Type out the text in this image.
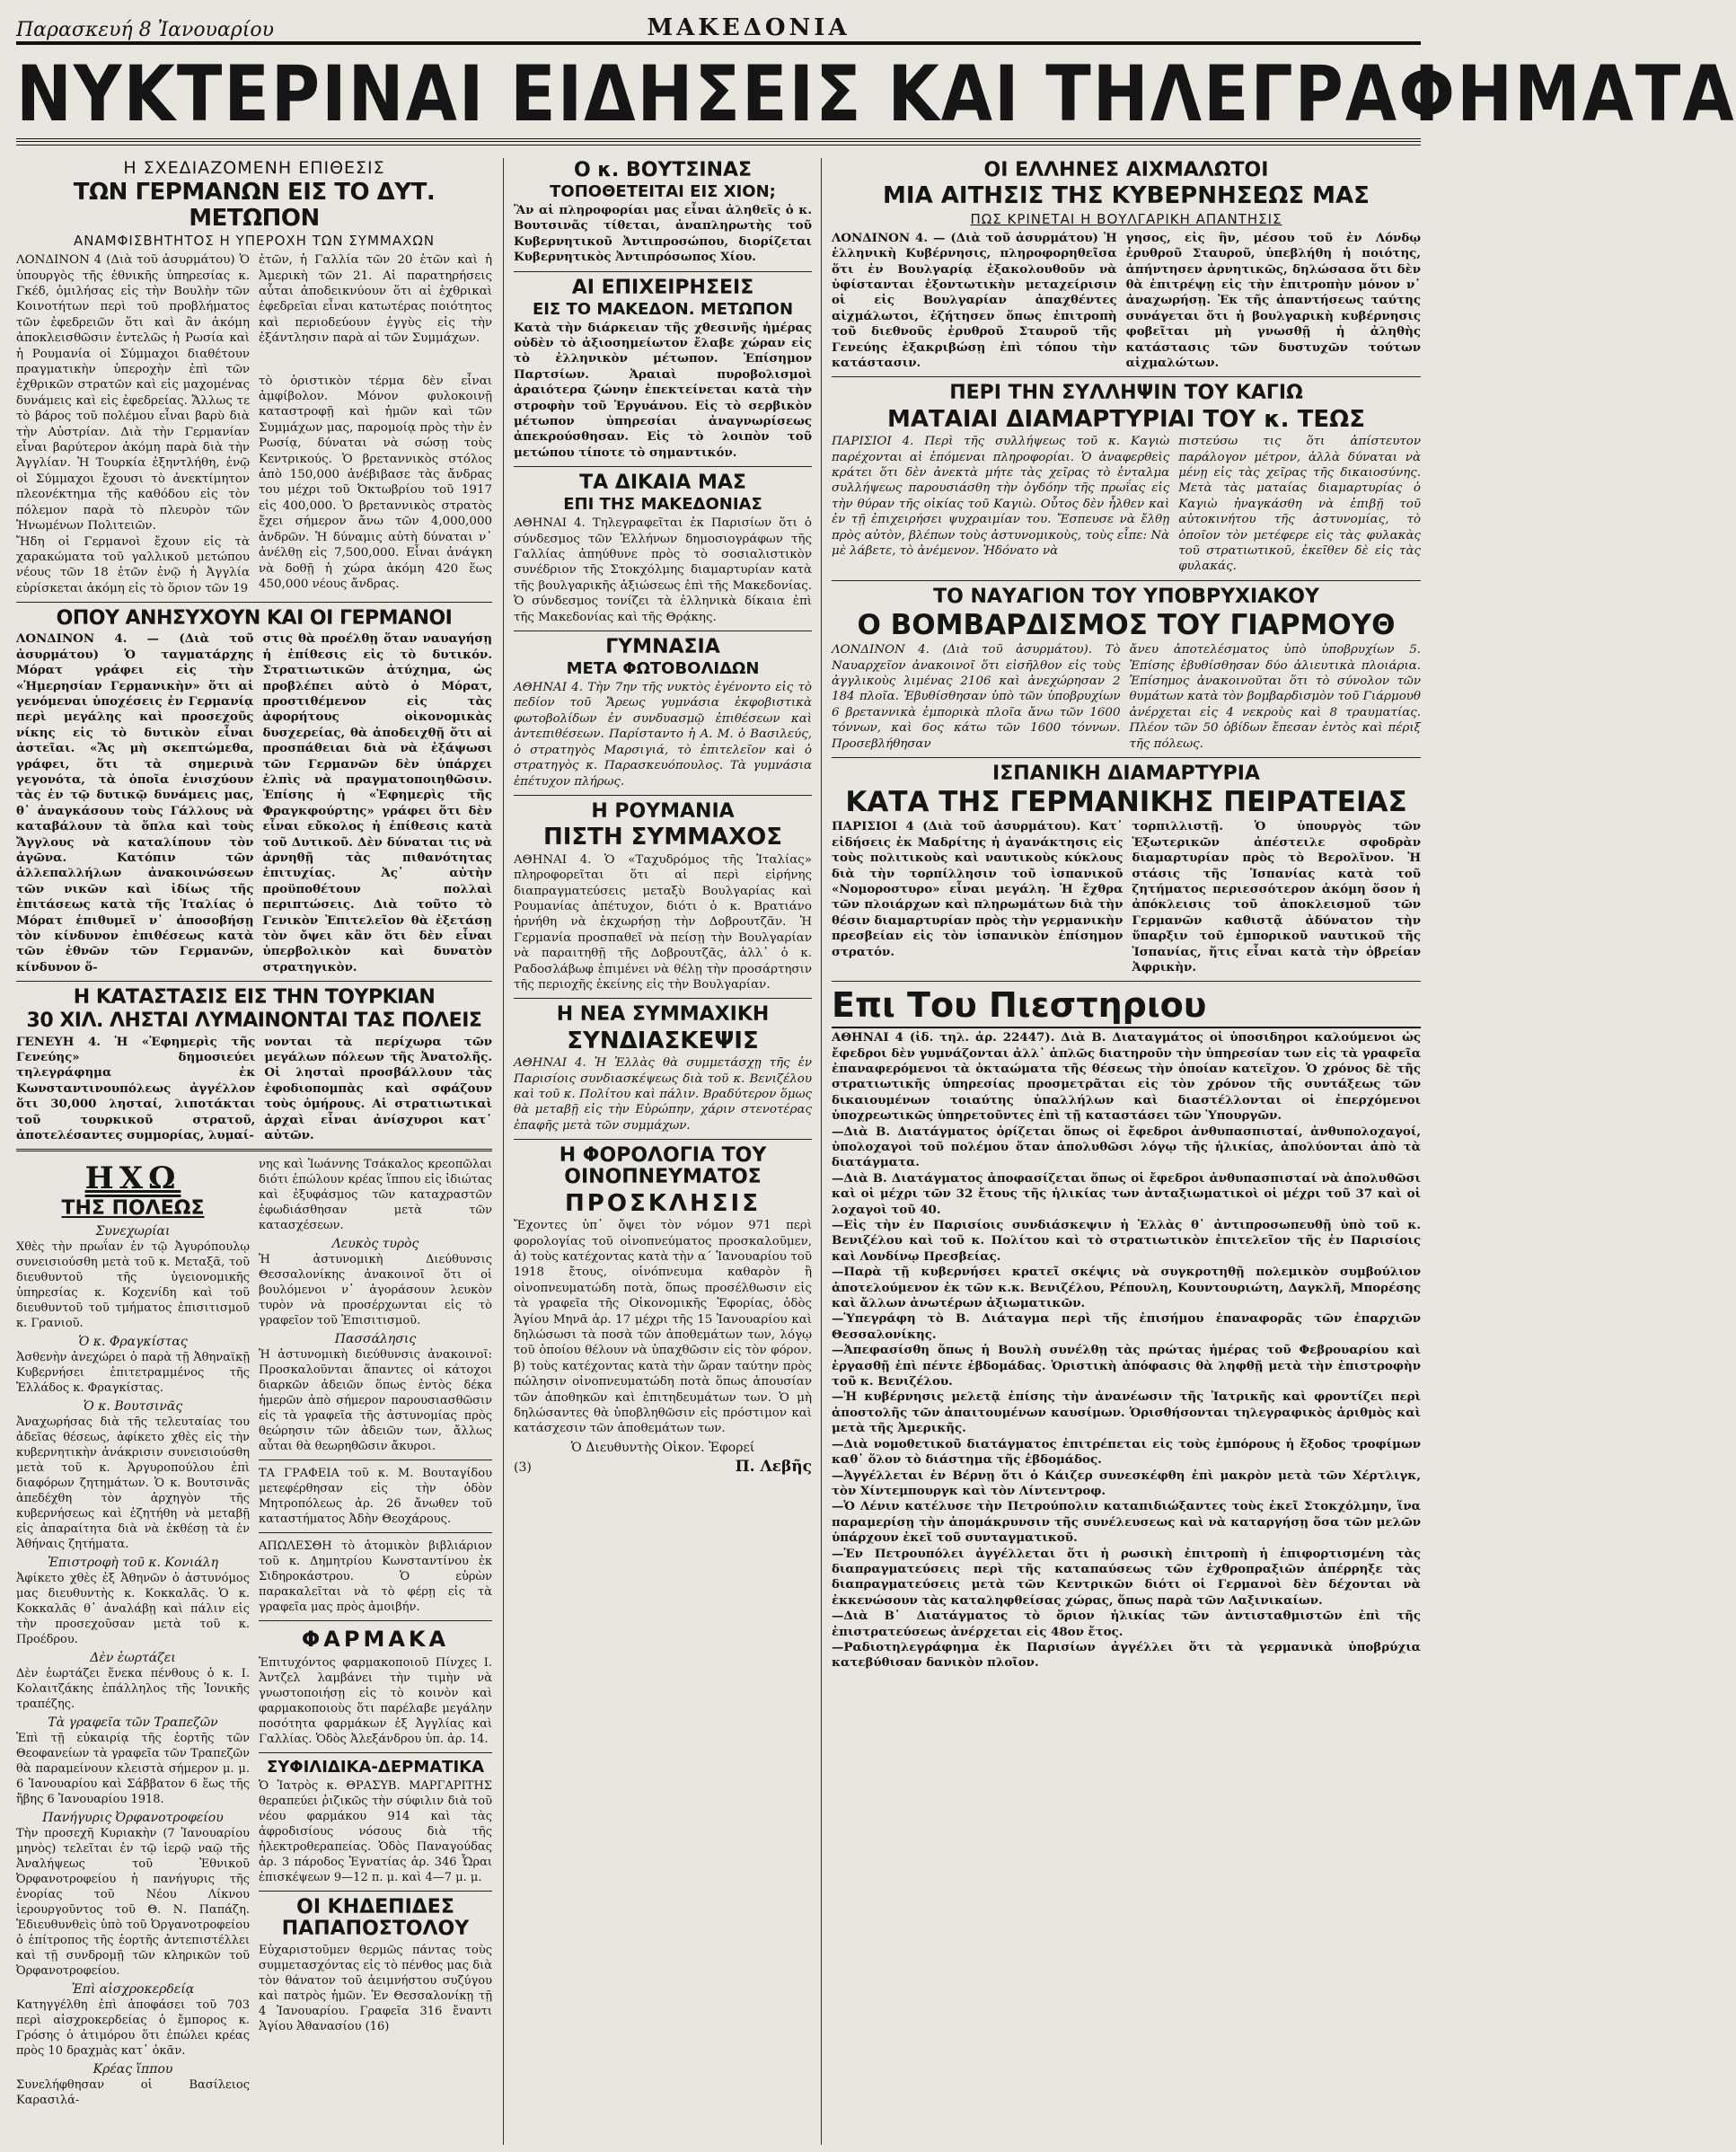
Παρασκευή 8 Ἰανουαρίου	ΜΑΚΕΔΟΝΙΑ
ΝΥΚΤΕΡΙΝΑΙ ΕΙΔΗΣΕΙΣ ΚΑΙ ΤΗΛΕΓΡΑΦΗΜΑΤΑ
Η ΣΧΕΔΙΑΖΟΜΕΝΗ ΕΠΙΘΕΣΙΣ
ΤΩΝ ΓΕΡΜΑΝΩΝ ΕΙΣ ΤΟ ΔΥΤ. ΜΕΤΩΠΟΝ
ΑΝΑΜΦΙΣΒΗΤΗΤΟΣ Η ΥΠΕΡΟΧΗ ΤΩΝ ΣΥΜΜΑΧΩΝ

ΛΟΝΔΙΝΟΝ 4 (Διὰ τοῦ ἀσυρμάτου) Ὁ ὑπουργὸς τῆς ἐθνικῆς ὑπηρεσίας κ. Γκέδ, ὁμιλήσας εἰς τὴν Βουλὴν τῶν Κοινοτήτων περὶ τοῦ προβλήματος τῶν ἐφεδρειῶν ὅτι καὶ ἂν ἀκόμη ἀποκλεισθῶσιν ἐντελῶς ἡ Ρωσία καὶ ἡ Ρουμανία οἱ Σύμμαχοι διαθέτουν πραγματικὴν ὑπεροχὴν ἐπὶ τῶν ἐχθρικῶν στρατῶν καὶ εἰς μαχομένας δυνάμεις καὶ εἰς ἐφεδρείας. Ἄλλως τε τὸ βάρος τοῦ πολέμου εἶναι βαρὺ διὰ τὴν Αὐστρίαν. Διὰ τὴν Γερμανίαν εἶναι βαρύτερον ἀκόμη παρὰ διὰ τὴν Ἀγγλίαν. Ἡ Τουρκία ἐξηντλήθη, ἐνῷ οἱ Σύμμαχοι ἔχουσι τὸ ἀνεκτίμητον πλεονέκτημα τῆς καθόδου εἰς τὸν πόλεμον παρὰ τὸ πλευρὸν τῶν Ἡνωμένων Πολιτειῶν.

Ἤδη οἱ Γερμανοὶ ἔχουν εἰς τὰ χαρακώματα τοῦ γαλλικοῦ μετώπου νέους τῶν 18 ἐτῶν ἐνῷ ἡ Ἀγγλία εὑρίσκεται ἀκόμη εἰς τὸ ὅριον τῶν 19

ἐτῶν, ἡ Γαλλία τῶν 20 ἐτῶν καὶ ἡ Ἀμερικὴ τῶν 21. Αἱ παρατηρήσεις αὗται ἀποδεικνύουν ὅτι αἱ ἐχθρικαὶ ἐφεδρεῖαι εἶναι κατωτέρας ποιότητος καὶ περιοδεύουν ἐγγὺς εἰς τὴν ἐξάντλησιν παρὰ αἱ τῶν Συμμάχων.

τὸ ὁριστικὸν τέρμα δὲν εἶναι ἀμφίβολον. Μόνον φυλοκοινῇ καταστροφῇ καὶ ἡμῶν καὶ τῶν Συμμάχων μας, παρομοίᾳ πρὸς τὴν ἐν Ρωσίᾳ, δύναται νὰ σώσῃ τοὺς Κεντρικούς. Ὁ βρεταννικὸς στόλος ἀπὸ 150,000 ἀνέβιβασε τὰς ἄνδρας του μέχρι τοῦ Ὀκτωβρίου τοῦ 1917 εἰς 400,000. Ὁ βρεταννικὸς στρατὸς ἔχει σήμερον ἄνω τῶν 4,000,000 ἀνδρῶν. Ἡ δύναμις αὐτὴ δύναται ν᾿ ἀνέλθῃ εἰς 7,500,000. Εἶναι ἀνάγκη νὰ δοθῇ ἡ χώρα ἀκόμη 420 ἕως 450,000 νέους ἄνδρας.

ΟΠΟΥ ΑΝΗΣΥΧΟΥΝ ΚΑΙ ΟΙ ΓΕΡΜΑΝΟΙ

ΛΟΝΔΙΝΟΝ 4. — (Διὰ τοῦ ἀσυρμάτου) Ὁ ταγματάρχης Μόρατ γράφει εἰς τὴν «Ἡμερησίαν Γερμανικὴν» ὅτι αἱ γενόμεναι ὑποχέσεις ἐν Γερμανίᾳ περὶ μεγάλης καὶ προσεχοῦς νίκης εἰς τὸ δυτικὸν εἶναι ἀστεῖαι. «Ἄς μὴ σκεπτώμεθα, γράφει, ὅτι τὰ σημερινὰ γεγονότα, τὰ ὁποῖα ἐνισχύουν τὰς ἐν τῷ δυτικῷ δυνάμεις μας, θ᾿ ἀναγκάσουν τοὺς Γάλλους νὰ καταβάλουν τὰ ὅπλα καὶ τοὺς Ἄγγλους νὰ καταλίπουν τὸν ἀγῶνα. Κατόπιν τῶν ἀλλεπαλλήλων ἀνακοινώσεων τῶν νικῶν καὶ ἰδίως τῆς ἐπιτάσεως κατὰ τῆς Ἰταλίας ὁ Μόρατ ἐπιθυμεῖ ν᾿ ἀποσοβήσῃ τὸν κίνδυνον ἐπιθέσεως κατὰ τῶν ἐθνῶν τῶν Γερμανῶν, κίνδυνον ὅ-

στις θὰ προέλθῃ ὅταν ναυαγήσῃ ἡ ἐπίθεσις εἰς τὸ δυτικόν. Στρατιωτικῶν ἀτύχημα, ὡς προβλέπει αὐτὸ ὁ Μόρατ, προστιθέμενον εἰς τὰς ἀφορήτους οἰκονομικὰς δυσχερείας, θὰ ἀποδειχθῇ ὅτι αἱ προσπάθειαι διὰ νὰ ἐξάψωσι τῶν Γερμανῶν δὲν ὑπάρχει ἐλπὶς νὰ πραγματοποιηθῶσιν. Ἐπίσης ἡ «Ἐφημερὶς τῆς Φραγκφούρτης» γράφει ὅτι δὲν εἶναι εὔκολος ἡ ἐπίθεσις κατὰ τοῦ Δυτικοῦ. Δὲν δύναται τις νὰ ἀρνηθῇ τὰς πιθανότητας ἐπιτυχίας. Ἀς᾿ αὐτὴν προϋποθέτουν πολλαὶ περιπτώσεις. Διὰ τοῦτο τὸ Γενικὸν Ἐπιτελεῖον θὰ ἐξετάσῃ τὸν ὄψει κἂν ὅτι δὲν εἶναι ὑπερβολικὸν καὶ δυνατὸν στρατηγικὸν.

Η ΚΑΤΑΣΤΑΣΙΣ ΕΙΣ ΤΗΝ ΤΟΥΡΚΙΑΝ
30 ΧΙΛ. ΛΗΣΤΑΙ ΛΥΜΑΙΝΟΝΤΑΙ ΤΑΣ ΠΟΛΕΙΣ

ΓΕΝΕΥΗ 4. Ἡ «Ἐφημερὶς τῆς Γενεύης» δημοσιεύει τηλεγράφημα ἐκ Κωνσταντινουπόλεως ἀγγέλλον ὅτι 30,000 λησταί, λιποτάκται τοῦ τουρκικοῦ στρατοῦ, ἀποτελέσαντες συμμορίας, λυμαί-

νονται τὰ περίχωρα τῶν μεγάλων πόλεων τῆς Ἀνατολῆς. Οἱ λησταὶ προσβάλλουν τὰς ἐφοδιοπομπὰς καὶ σφάζουν τοὺς ὁμήρους. Αἱ στρατιωτικαὶ ἀρχαὶ εἶναι ἀνίσχυροι κατ᾿ αὐτῶν.

ΗΧΩ
ΤΗΣ ΠΟΛΕΩΣ
Συνεχωρίαι

Χθὲς τὴν πρωΐαν ἐν τῷ Ἀγυρόπουλῳ συνεισιούσθη μετὰ τοῦ κ. Μεταξᾶ, τοῦ διευθυντοῦ τῆς ὑγειονομικῆς ὑπηρεσίας κ. Κοχενίδη καὶ τοῦ διευθυντοῦ τοῦ τμήματος ἐπισιτισμοῦ κ. Γρανιοῦ.

Ὁ κ. Φραγκίστας

Ἀσθενὴν ἀνεχώρει ὁ παρὰ τῇ Ἀθηναϊκῇ Κυβερνήσει ἐπιτετραμμένος τῆς Ἑλλάδος κ. Φραγκίστας.

Ὁ κ. Βουτσινᾶς

Ἀναχωρήσας διὰ τῆς τελευταίας του ἀδεῖας θέσεως, ἀφίκετο χθὲς εἰς τὴν κυβερνητικὴν ἀνάκρισιν συνεισιούσθη μετὰ τοῦ κ. Ἀργυροπούλου ἐπὶ διαφόρων ζητημάτων. Ὁ κ. Βουτσινᾶς ἀπεδέχθη τὸν ἀρχηγὸν τῆς κυβερνήσεως καὶ ἐζητήθη νὰ μεταβῇ εἰς ἀπαραίτητα διὰ νὰ ἐκθέσῃ τὰ ἐν Ἀθήναις ζητήματα.

Ἐπιστροφὴ τοῦ κ. Κονιάλη

Ἀφίκετο χθὲς ἐξ Ἀθηνῶν ὁ ἀστυνόμος μας διευθυντὴς κ. Κοκκαλᾶς. Ὁ κ. Κοκκαλᾶς θ᾿ ἀναλάβῃ καὶ πάλιν εἰς τὴν προσεχοῦσαν μετὰ τοῦ κ. Προέδρου.

Δὲν ἑωρτάζει

Δὲν ἑωρτάζει ἕνεκα πένθους ὁ κ. Ι. Κολαιτζάκης ἐπάλληλος τῆς Ἰονικῆς τραπέζης.

Τὰ γραφεῖα τῶν Τραπεζῶν

Ἐπὶ τῇ εὐκαιρίᾳ τῆς ἑορτῆς τῶν Θεοφανείων τὰ γραφεῖα τῶν Τραπεζῶν θὰ παραμείνουν κλειστὰ σήμερον μ. μ. 6 Ἰανουαρίου καὶ Σάββατον 6 ἕως τῆς ἥβης 6 Ἰανουαρίου 1918.

Πανήγυρις Ὀρφανοτροφείου

Τὴν προσεχῆ Κυριακὴν (7 Ἰανουαρίου μηνὸς) τελεῖται ἐν τῷ ἱερῷ ναῷ τῆς Ἀναλήψεως τοῦ Ἐθνικοῦ Ὀρφανοτροφείου ἡ πανήγυρις τῆς ἐνορίας τοῦ Νέου Λίκνου ἱερουργοῦντος τοῦ Θ. Ν. Παπάζη. Ἐδιευθυνθεὶς ὑπὸ τοῦ Ὀργανοτροφείου ὁ ἐπίτροπος τῆς ἑορτῆς ἀντεπιστέλλει καὶ τῇ συνδρομῇ τῶν κληρικῶν τοῦ Ὀρφανοτροφείου.

Ἐπὶ αἰσχροκερδείᾳ

Κατηγγέλθη ἐπὶ ἀποφάσει τοῦ 703 περὶ αἰσχροκερδείας ὁ ἔμπορος κ. Γρόσης ὁ ἀτιμόρου ὅτι ἐπώλει κρέας πρὸς 10 δραχμὰς κατ᾿ ὀκᾶν.

Κρέας ἵππου

Συνελήφθησαν οἱ Βασίλειος Καρασιλά-

νης καὶ Ἰωάννης Τσάκαλος κρεοπῶλαι διότι ἐπώλουν κρέας ἵππου εἰς ἰδιώτας καὶ ἐξυφάσμος τῶν καταχραστῶν ἐφωδιάσθησαν μετὰ τῶν κατασχέσεων.

Λευκὸς τυρὸς

Ἡ ἀστυνομικὴ Διεύθυνσις Θεσσαλονίκης ἀνακοινοῖ ὅτι οἱ βουλόμενοι ν᾿ ἀγοράσουν λευκὸν τυρὸν νὰ προσέρχωνται εἰς τὸ γραφεῖον τοῦ Ἐπισιτισμοῦ.

Πασσάλησις

Ἡ ἀστυνομικὴ διεύθυνσις ἀνακοινοῖ: Προσκαλοῦνται ἅπαντες οἱ κάτοχοι διαρκῶν ἀδειῶν ὅπως ἐντὸς δέκα ἡμερῶν ἀπὸ σήμερον παρουσιασθῶσιν εἰς τὰ γραφεῖα τῆς ἀστυνομίας πρὸς θεώρησιν τῶν ἀδειῶν των, ἄλλως αὗται θὰ θεωρηθῶσιν ἄκυροι.

ΤΑ ΓΡΑΦΕΙΑ τοῦ κ. Μ. Βουταγίδου μετεφέρθησαν εἰς τὴν ὁδὸν Μητροπόλεως ἀρ. 26 ἄνωθεν τοῦ καταστήματος Ἀδὴν Θεοχάρους.

ΑΠΩΛΕΣΘΗ τὸ ἀτομικὸν βιβλιάριον τοῦ κ. Δημητρίου Κωνσταντίνου ἐκ Σιδηροκάστρου. Ὁ εὑρὼν παρακαλεῖται νὰ τὸ φέρῃ εἰς τὰ γραφεῖα μας πρὸς ἀμοιβήν.

ΦΑΡΜΑΚΑ

Ἐπιτυχόντος φαρμακοποιοῦ Πίνχες Ι. Ἀντζελ λαμβάνει τὴν τιμὴν νὰ γνωστοποιήσῃ εἰς τὸ κοινὸν καὶ φαρμακοποιοὺς ὅτι παρέλαβε μεγάλην ποσότητα φαρμάκων ἐξ Ἀγγλίας καὶ Γαλλίας. Ὁδὸς Ἀλεξάνδρου ὑπ. ἀρ. 14.

ΣΥΦΙΛΙΔΙΚΑ-ΔΕΡΜΑΤΙΚΑ

Ὁ Ἰατρὸς κ. ΘΡΑΣΥΒ. ΜΑΡΓΑΡΙΤΗΣ θεραπεύει ῥιζικῶς τὴν σύφιλιν διὰ τοῦ νέου φαρμάκου 914 καὶ τὰς ἀφροδισίους νόσους διὰ τῆς ἠλεκτροθεραπείας. Ὁδὸς Παναγούδας ἀρ. 3 πάροδος Ἐγνατίας ἀρ. 346 Ὧραι ἐπισκέψεων 9—12 π. μ. καὶ 4—7 μ. μ.

ΟΙ ΚΗΔΕΠΙΔΕΣ ΠΑΠΑΠΟΣΤΟΛΟΥ

Εὐχαριστοῦμεν θερμῶς πάντας τοὺς συμμετασχόντας εἰς τὸ πένθος μας διὰ τὸν θάνατον τοῦ ἀειμνήστου συζύγου καὶ πατρὸς ἡμῶν. Ἐν Θεσσαλονίκῃ τῇ 4 Ἰανουαρίου. Γραφεῖα 316 ἔναντι Ἁγίου Ἀθανασίου (16)

Ο κ. ΒΟΥΤΣΙΝΑΣ
ΤΟΠΟΘΕΤΕΙΤΑΙ ΕΙΣ ΧΙΟΝ;

Ἂν αἱ πληροφορίαι μας εἶναι ἀληθεῖς ὁ κ. Βουτσινᾶς τίθεται, ἀναπληρωτὴς τοῦ Κυβερνητικοῦ Ἀντιπροσώπου, διορίζεται Κυβερνητικὸς Ἀντιπρόσωπος Χίου.

ΑΙ ΕΠΙΧΕΙΡΗΣΕΙΣ
ΕΙΣ ΤΟ ΜΑΚΕΔΟΝ. ΜΕΤΩΠΟΝ

Κατὰ τὴν διάρκειαν τῆς χθεσινῆς ἡμέρας οὐδὲν τὸ ἀξιοσημείωτον ἔλαβε χώραν εἰς τὸ ἑλληνικὸν μέτωπον. Ἐπίσημον Παρτσίων. Ἀραιαὶ πυροβολισμοὶ ἀραιότερα ζώνην ἐπεκτείνεται κατὰ τὴν στροφὴν τοῦ Ἐργυάνου. Εἰς τὸ σερβικὸν μέτωπον ὑπηρεσίαι ἀναγνωρίσεως ἀπεκρούσθησαν. Εἰς τὸ λοιπὸν τοῦ μετώπου τίποτε τὸ σημαντικόν.

ΤΑ ΔΙΚΑΙΑ ΜΑΣ
ΕΠΙ ΤΗΣ ΜΑΚΕΔΟΝΙΑΣ

ΑΘΗΝΑΙ 4. Τηλεγραφεῖται ἐκ Παρισίων ὅτι ὁ σύνδεσμος τῶν Ἑλλήνων δημοσιογράφων τῆς Γαλλίας ἀπηύθυνε πρὸς τὸ σοσιαλιστικὸν συνέδριον τῆς Στοκχόλμης διαμαρτυρίαν κατὰ τῆς βουλγαρικῆς ἀξιώσεως ἐπὶ τῆς Μακεδονίας. Ὁ σύνδεσμος τονίζει τὰ ἑλληνικὰ δίκαια ἐπὶ τῆς Μακεδονίας καὶ τῆς Θρᾴκης.

ΓΥΜΝΑΣΙΑ
ΜΕΤΑ ΦΩΤΟΒΟΛΙΔΩΝ

ΑΘΗΝΑΙ 4. Τὴν 7ην τῆς νυκτὸς ἐγένοντο εἰς τὸ πεδίον τοῦ Ἄρεως γυμνάσια ἐκφοβιστικὰ φωτοβολίδων ἐν συνδυασμῷ ἐπιθέσεων καὶ ἀντεπιθέσεων. Παρίσταντο ἡ Α. Μ. ὁ Βασιλεύς, ὁ στρατηγὸς Μαρσιγιά, τὸ ἐπιτελεῖον καὶ ὁ στρατηγὸς κ. Παρασκευόπουλος. Τὰ γυμνάσια ἐπέτυχον πλήρως.

Η ΡΟΥΜΑΝΙΑ
ΠΙΣΤΗ ΣΥΜΜΑΧΟΣ

ΑΘΗΝΑΙ 4. Ὁ «Ταχυδρόμος τῆς Ἰταλίας» πληροφορεῖται ὅτι αἱ περὶ εἰρήνης διαπραγματεύσεις μεταξὺ Βουλγαρίας καὶ Ρουμανίας ἀπέτυχον, διότι ὁ κ. Βρατιάνο ἠρνήθη νὰ ἐκχωρήσῃ τὴν Δοβρουτζᾶν. Ἡ Γερμανία προσπαθεῖ νὰ πείσῃ τὴν Βουλγαρίαν νὰ παραιτηθῇ τῆς Δοβρουτζᾶς, ἀλλ᾿ ὁ κ. Ραδοσλάβωφ ἐπιμένει νὰ θέλῃ τὴν προσάρτησιν τῆς περιοχῆς ἐκείνης εἰς τὴν Βουλγαρίαν.

Η ΝΕΑ ΣΥΜΜΑΧΙΚΗ
ΣΥΝΔΙΑΣΚΕΨΙΣ

ΑΘΗΝΑΙ 4. Ἡ Ἑλλὰς θὰ συμμετάσχῃ τῆς ἐν Παρισίοις συνδιασκέψεως διὰ τοῦ κ. Βενιζέλου καὶ τοῦ κ. Πολίτου καὶ πάλιν. Βραδύτερον ὅμως θὰ μεταβῇ εἰς τὴν Εὐρώπην, χάριν στενοτέρας ἐπαφῆς μετὰ τῶν συμμάχων.

Η ΦΟΡΟΛΟΓΙΑ ΤΟΥ ΟΙΝΟΠΝΕΥΜΑΤΟΣ
ΠΡΟΣΚΛΗΣΙΣ

Ἔχοντες ὑπ᾿ ὄψει τὸν νόμον 971 περὶ φορολογίας τοῦ οἰνοπνεύματος προσκαλοῦμεν, ἀ) τοὺς κατέχοντας κατὰ τὴν α´ Ἰανουαρίου τοῦ 1918 ἔτους, οἰνόπνευμα καθαρὸν ἢ οἰνοπνευματώδη ποτὰ, ὅπως προσέλθωσιν εἰς τὰ γραφεῖα τῆς Οἰκονομικῆς Ἐφορίας, ὁδὸς Ἁγίου Μηνᾶ ἀρ. 17 μέχρι τῆς 15 Ἰανουαρίου καὶ δηλώσωσι τὰ ποσὰ τῶν ἀποθεμάτων των, λόγῳ τοῦ ὁποίου θέλουν νὰ ὑπαχθῶσιν εἰς τὸν φόρον. β) τοὺς κατέχοντας κατὰ τὴν ὥραν ταύτην πρὸς πώλησιν οἰνοπνευματώδη ποτὰ ὅπως ἀπουσίαν τῶν ἀποθηκῶν καὶ ἐπιτηδευμάτων των. Ὁ μὴ δηλώσαντες θὰ ὑποβληθῶσιν εἰς πρόστιμον καὶ κατάσχεσιν τῶν ἀποθεμάτων των.

Ὁ Διευθυντὴς Οἰκον. Ἐφορεί
(3)	Π. Λεβῆς
ΟΙ ΕΛΛΗΝΕΣ ΑΙΧΜΑΛΩΤΟΙ
ΜΙΑ ΑΙΤΗΣΙΣ ΤΗΣ ΚΥΒΕΡΝΗΣΕΩΣ ΜΑΣ
ΠΩΣ ΚΡΙΝΕΤΑΙ Η ΒΟΥΛΓΑΡΙΚΗ ΑΠΑΝΤΗΣΙΣ

ΛΟΝΔΙΝΟΝ 4. — (Διὰ τοῦ ἀσυρμάτου) Ἡ ἑλληνικὴ Κυβέρνησις, πληροφορηθεῖσα ὅτι ἐν Βουλγαρίᾳ ἐξακολουθοῦν νὰ ὑφίστανται ἐξοντωτικὴν μεταχείρισιν οἱ εἰς Βουλγαρίαν ἀπαχθέντες αἰχμάλωτοι, ἐζήτησεν ὅπως ἐπιτροπὴ τοῦ διεθνοῦς ἐρυθροῦ Σταυροῦ τῆς Γενεύης ἐξακριβώσῃ ἐπὶ τόπου τὴν κατάστασιν.

γησος, εἰς ἣν, μέσου τοῦ ἐν Λόνδῳ ἐρυθροῦ Σταυροῦ, ὑπεβλήθη ἡ ποιότης, ἀπήντησεν ἀρνητικῶς, δηλώσασα ὅτι δὲν θὰ ἐπιτρέψῃ εἰς τὴν ἐπιτροπὴν μόνον ν᾿ ἀναχωρήσῃ. Ἐκ τῆς ἀπαντήσεως ταύτης συνάγεται ὅτι ἡ βουλγαρικὴ κυβέρνησις φοβεῖται μὴ γνωσθῇ ἡ ἀληθὴς κατάστασις τῶν δυστυχῶν τούτων αἰχμαλώτων.

ΠΕΡΙ ΤΗΝ ΣΥΛΛΗΨΙΝ ΤΟΥ ΚΑΓΙΩ
ΜΑΤΑΙΑΙ ΔΙΑΜΑΡΤΥΡΙΑΙ ΤΟΥ κ. ΤΕΩΣ

ΠΑΡΙΣΙΟΙ 4. Περὶ τῆς συλλήψεως τοῦ κ. Καγιὼ παρέχονται αἱ ἑπόμεναι πληροφορίαι. Ὁ ἀναφερθεὶς κράτει ὅτι δὲν ἀνεκτὰ μήτε τὰς χεῖρας τὸ ἐνταλμα συλλήψεως παρουσιάσθη τὴν ὀγδόην τῆς πρωΐας εἰς τὴν θύραν τῆς οἰκίας τοῦ Καγιὼ. Οὗτος δὲν ἦλθεν καὶ ἐν τῇ ἐπιχειρήσει ψυχραιμίαν του. Ἔσπευσε νὰ ἔλθῃ πρὸς αὐτὸν, βλέπων τοὺς ἀστυνομικοὺς, τοὺς εἶπε: Νὰ μὲ λάβετε, τὸ ἀνέμενον. Ἠδόνατο νὰ

πιστεύσω τις ὅτι ἀπίστευτον παράλογον μέτρον, ἀλλὰ δύναται νὰ μένῃ εἰς τὰς χεῖρας τῆς δικαιοσύνης. Μετὰ τὰς ματαίας διαμαρτυρίας ὁ Καγιὼ ἠναγκάσθη νὰ ἐπιβῇ τοῦ αὐτοκινήτου τῆς ἀστυνομίας, τὸ ὁποῖον τὸν μετέφερε εἰς τὰς φυλακὰς τοῦ στρατιωτικοῦ, ἐκεῖθεν δὲ εἰς τὰς φυλακάς.

ΤΟ ΝΑΥΑΓΙΟΝ ΤΟΥ ΥΠΟΒΡΥΧΙΑΚΟΥ
Ο ΒΟΜΒΑΡΔΙΣΜΟΣ ΤΟΥ ΓΙΑΡΜΟΥΘ

ΛΟΝΔΙΝΟΝ 4. (Διὰ τοῦ ἀσυρμάτου). Τὸ Ναυαρχεῖον ἀνακοινοῖ ὅτι εἰσῆλθον εἰς τοὺς ἀγγλικοὺς λιμένας 2106 καὶ ἀνεχώρησαν 2 184 πλοῖα. Ἐβυθίσθησαν ὑπὸ τῶν ὑποβρυχίων 6 βρεταννικὰ ἐμπορικὰ πλοῖα ἄνω τῶν 1600 τόννων, καὶ 6ος κάτω τῶν 1600 τόννων. Προσεβλήθησαν

ἄνευ ἀποτελέσματος ὑπὸ ὑποβρυχίων 5. Ἐπίσης ἐβυθίσθησαν δύο ἀλιευτικὰ πλοιάρια. Ἐπίσημος ἀνακοινοῦται ὅτι τὸ σύνολον τῶν θυμάτων κατὰ τὸν βομβαρδισμὸν τοῦ Γιάρμουθ ἀνέρχεται εἰς 4 νεκροὺς καὶ 8 τραυματίας. Πλέον τῶν 50 ὀβίδων ἔπεσαν ἐντὸς καὶ πέριξ τῆς πόλεως.

ΙΣΠΑΝΙΚΗ ΔΙΑΜΑΡΤΥΡΙΑ
ΚΑΤΑ ΤΗΣ ΓΕΡΜΑΝΙΚΗΣ ΠΕΙΡΑΤΕΙΑΣ

ΠΑΡΙΣΙΟΙ 4 (Διὰ τοῦ ἀσυρμάτου). Κατ᾿ εἰδήσεις ἐκ Μαδρίτης ἡ ἀγανάκτησις εἰς τοὺς πολιτικοὺς καὶ ναυτικοὺς κύκλους διὰ τὴν τορπίλλησιν τοῦ ἰσπανικοῦ «Νομοροστυρο» εἶναι μεγάλη. Ἡ ἔχθρα τῶν πλοιάρχων καὶ πληρωμάτων διὰ τὴν θέσιν διαμαρτυρίαν πρὸς τὴν γερμανικὴν πρεσβείαν εἰς τὸν ἰσπανικὸν ἐπίσημον στρατόν.

τορπιλλιστῇ. Ὁ ὑπουργὸς τῶν Ἐξωτερικῶν ἀπέστειλε σφοδρὰν διαμαρτυρίαν πρὸς τὸ Βερολῖνον. Ἡ στάσις τῆς Ἰσπανίας κατὰ τοῦ ζητήματος περιεσσότερον ἀκόμη ὅσον ἡ ἀπόκλεισις τοῦ ἀποκλεισμοῦ τῶν Γερμανῶν καθιστᾷ ἀδύνατον τὴν ὕπαρξιν τοῦ ἐμπορικοῦ ναυτικοῦ τῆς Ἰσπανίας, ἥτις εἶναι κατὰ τὴν ὀβρείαν Ἀφρικὴν.

Επι Του Πιεστηριου

ΑΘΗΝΑΙ 4 (ἰδ. τηλ. ἀρ. 22447). Διὰ Β. Διαταγμάτος οἱ ὑποσιδηροι καλούμενοι ὡς ἔφεδροι δὲν γυμνάζονται ἀλλ᾿ ἁπλῶς διατηροῦν τὴν ὑπηρεσίαν των εἰς τὰ γραφεῖα ἐπαναφερόμενοι τὰ ὀκταώματα τῆς θέσεως τὴν ὁποίαν κατεῖχον. Ὁ χρόνος δὲ τῆς στρατιωτικῆς ὑπηρεσίας προσμετρᾶται εἰς τὸν χρόνον τῆς συντάξεως τῶν δικαιουμένων τοιαύτης ὑπαλλήλων καὶ διαστέλλονται οἱ ἐπερχόμενοι ὑποχρεωτικῶς ὑπηρετοῦντες ἐπὶ τῇ καταστάσει τῶν Ὑπουργῶν.

—Διὰ Β. Διατάγματος ὁρίζεται ὅπως οἱ ἔφεδροι ἀνθυπασπισταί, ἀνθυπολοχαγοί, ὑπολοχαγοὶ τοῦ πολέμου ὅταν ἀπολυθῶσι λόγῳ τῆς ἡλικίας, ἀπολύονται ἀπὸ τὰ διατάγματα.

—Διὰ Β. Διατάγματος ἀποφασίζεται ὅπως οἱ ἔφεδροι ἀνθυπασπισταί νὰ ἀπολυθῶσι καὶ οἱ μέχρι τῶν 32 ἔτους τῆς ἡλικίας των ἀνταξιωματικοὶ οἱ μέχρι τοῦ 37 καὶ οἱ λοχαγοὶ τοῦ 40.

—Εἰς τὴν ἐν Παρισίοις συνδιάσκεψιν ἡ Ἑλλὰς θ᾿ ἀντιπροσωπευθῇ ὑπὸ τοῦ κ. Βενιζέλου καὶ τοῦ κ. Πολίτου καὶ τὸ στρατιωτικὸν ἐπιτελεῖον τῆς ἐν Παρισίοις καὶ Λονδίνῳ Πρεσβείας.

—Παρὰ τῇ κυβερνήσει κρατεῖ σκέψις νὰ συγκροτηθῇ πολεμικὸν συμβούλιον ἀποτελούμενον ἐκ τῶν κ.κ. Βενιζέλου, Ρέπουλη, Κουντουριώτη, Δαγκλῆ, Μπορέσης καὶ ἄλλων ἀνωτέρων ἀξιωματικῶν.

—Ὑπεγράφη τὸ Β. Διάταγμα περὶ τῆς ἐπισήμου ἐπαναφορᾶς τῶν ἐπαρχιῶν Θεσσαλονίκης.

—Ἀπεφασίσθη ὅπως ἡ Βουλὴ συνέλθῃ τὰς πρώτας ἡμέρας τοῦ Φεβρουαρίου καὶ ἐργασθῇ ἐπὶ πέντε ἑβδομάδας. Ὁριστικὴ ἀπόφασις θὰ ληφθῇ μετὰ τὴν ἐπιστροφὴν τοῦ κ. Βενιζέλου.

—Ἡ κυβέρνησις μελετᾷ ἐπίσης τὴν ἀνανέωσιν τῆς Ἰατρικῆς καὶ φροντίζει περὶ ἀποστολῆς τῶν ἀπαιτουμένων καυσίμων. Ὁρισθήσονται τηλεγραφικὸς ἀριθμὸς καὶ μετὰ τῆς Ἀμερικῆς.

—Διὰ νομοθετικοῦ διατάγματος ἐπιτρέπεται εἰς τοὺς ἐμπόρους ἡ ἔξοδος τροφίμων καθ᾿ ὅλον τὸ διάστημα τῆς ἑβδομάδος.

—Ἀγγέλλεται ἐν Βέρνῃ ὅτι ὁ Κάιζερ συνεσκέφθη ἐπὶ μακρὸν μετὰ τῶν Χέρτλιγκ, τὸν Χίντεμπουργκ καὶ τὸν Λίντεντροφ.

—Ὁ Λένιν κατέλυσε τὴν Πετρούπολιν καταπιδιώξαντες τοὺς ἐκεῖ Στοκχόλμην, ἵνα παραμερίσῃ τὴν ἀπομάκρυνσιν τῆς συνέλευσεως καὶ νὰ καταργήσῃ ὅσα τῶν μελῶν ὑπάρχουν ἐκεῖ τοῦ συνταγματικοῦ.

—Ἐν Πετρουπόλει ἀγγέλλεται ὅτι ἡ ρωσικὴ ἐπιτροπὴ ἡ ἐπιφορτισμένη τὰς διαπραγματεύσεις περὶ τῆς καταπαύσεως τῶν ἐχθροπραξιῶν ἀπέρρηξε τὰς διαπραγματεύσεις μετὰ τῶν Κεντρικῶν διότι οἱ Γερμανοὶ δὲν δέχονται νὰ ἐκκενώσουν τὰς καταληφθείσας χώρας, ὅπως παρὰ τῶν Λαξινικαίων.

—Διὰ Β᾿ Διατάγματος τὸ ὅριον ἡλικίας τῶν ἀντισταθμιστῶν ἐπὶ τῆς ἐπιστρατεύσεως ἀνέρχεται εἰς 48ον ἔτος.

—Ραδιοτηλεγράφημα ἐκ Παρισίων ἀγγέλλει ὅτι τὰ γερμανικὰ ὑποβρύχια κατεβύθισαν δανικὸν πλοῖον.
